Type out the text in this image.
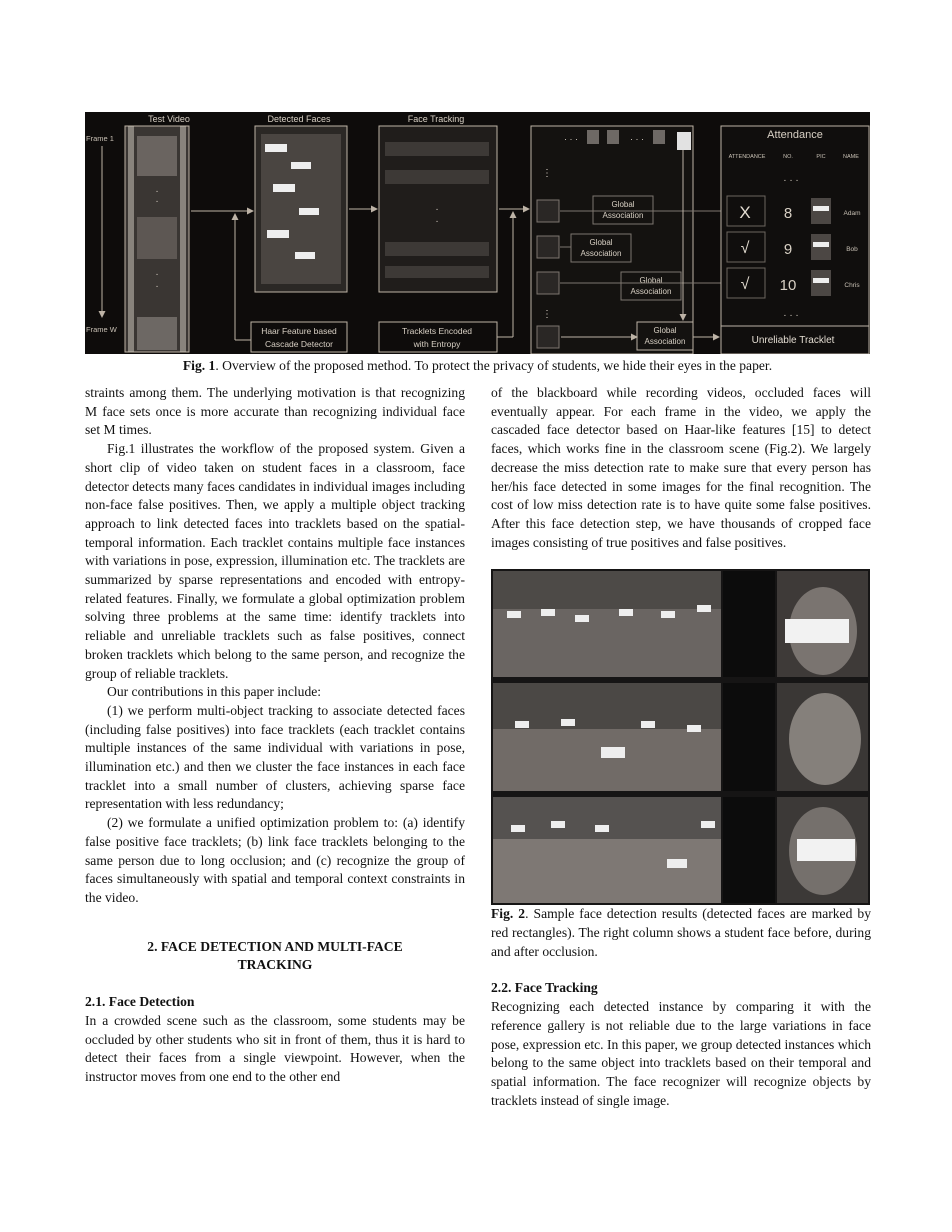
Test Video	Detected Faces	Face Tracking
Frame 1
Frame W
·
·
·
·
·
·
Haar Feature based
Cascade Detector
Tracklets Encoded
with Entropy
· · ·	· · ·
⋮
⋮
Global
Association
Global
Association
Global
Association
Global
Association
Attendance
ATTENDANCE	NO.	PIC	NAME
· · ·
X 8	Adam
√ 9	Bob
√ 10	Chris
· · ·
Unreliable Tracklet
Fig. 1. Overview of the proposed method. To protect the privacy of students, we hide their eyes in the paper.

straints among them. The underlying motivation is that recognizing M face sets once is more accurate than recognizing individual face set M times.

Fig.1 illustrates the workflow of the proposed system. Given a short clip of video taken on student faces in a classroom, face detector detects many faces candidates in individual images including non-face false positives. Then, we apply a multiple object tracking approach to link detected faces into tracklets based on the spatial-temporal information. Each tracklet contains multiple face instances with variations in pose, expression, illumination etc. The tracklets are summarized by sparse representations and encoded with entropy-related features. Finally, we formulate a global optimization problem solving three problems at the same time: identify tracklets into reliable and unreliable tracklets such as false positives, connect broken tracklets which belong to the same person, and recognize the group of reliable tracklets.

Our contributions in this paper include:

(1) we perform multi-object tracking to associate detected faces (including false positives) into face tracklets (each tracklet contains multiple instances of the same individual with variations in pose, illumination etc.) and then we cluster the face instances in each face tracklet into a small number of clusters, achieving sparse face representation with less redundancy;

(2) we formulate a unified optimization problem to: (a) identify false positive face tracklets; (b) link face tracklets belonging to the same person due to long occlusion; and (c) recognize the group of faces simultaneously with spatial and temporal context constraints in the video.

2. FACE DETECTION AND MULTI-FACE

TRACKING

2.1. Face Detection

In a crowded scene such as the classroom, some students may be occluded by other students who sit in front of them, thus it is hard to detect their faces from a single viewpoint. However, when the instructor moves from one end to the other end

of the blackboard while recording videos, occluded faces will eventually appear. For each frame in the video, we apply the cascaded face detector based on Haar-like features [15] to detect faces, which works fine in the classroom scene (Fig.2). We largely decrease the miss detection rate to make sure that every person has her/his face detected in some images for the final recognition. The cost of low miss detection rate is to have quite some false positives. After this face detection step, we have thousands of cropped face images consisting of true positives and false positives.

Fig. 2. Sample face detection results (detected faces are marked by red rectangles). The right column shows a student face before, during and after occlusion.

2.2. Face Tracking

Recognizing each detected instance by comparing it with the reference gallery is not reliable due to the large variations in face pose, expression etc. In this paper, we group detected instances which belong to the same object into tracklets based on their temporal and spatial information. The face recognizer will recognize objects by tracklets instead of single image.
